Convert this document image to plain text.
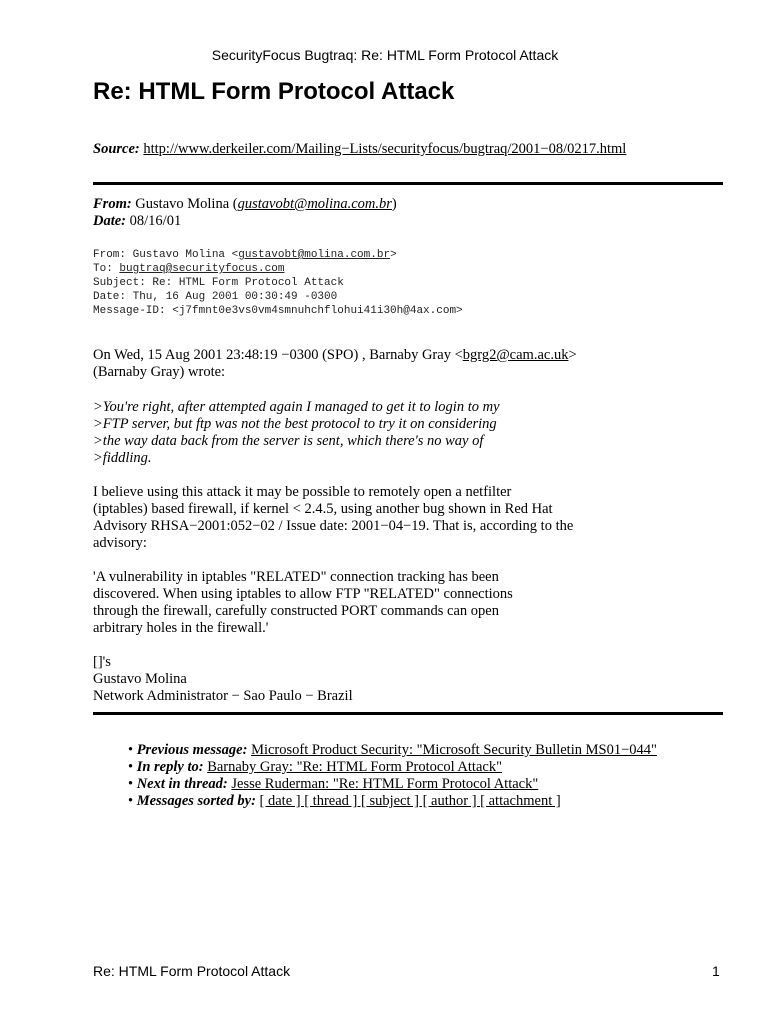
SecurityFocus Bugtraq: Re: HTML Form Protocol Attack
Re: HTML Form Protocol Attack
Source: http://www.derkeiler.com/Mailing−Lists/securityfocus/bugtraq/2001−08/0217.html
From: Gustavo Molina (gustavobt@molina.com.br)
Date: 08/16/01
From: Gustavo Molina <gustavobt@molina.com.br>
To: bugtraq@securityfocus.com
Subject: Re: HTML Form Protocol Attack
Date: Thu, 16 Aug 2001 00:30:49 -0300
Message-ID: <j7fmnt0e3vs0vm4smnuhchflohui41i30h@4ax.com>
On Wed, 15 Aug 2001 23:48:19 −0300 (SPO) , Barnaby Gray <bgrg2@cam.ac.uk>
(Barnaby Gray) wrote:
>You're right, after attempted again I managed to get it to login to my
>FTP server, but ftp was not the best protocol to try it on considering
>the way data back from the server is sent, which there's no way of
>fiddling.
I believe using this attack it may be possible to remotely open a netfilter
(iptables) based firewall, if kernel < 2.4.5, using another bug shown in Red Hat
Advisory RHSA−2001:052−02 / Issue date: 2001−04−19. That is, according to the
advisory:
'A vulnerability in iptables "RELATED" connection tracking has been
discovered. When using iptables to allow FTP "RELATED" connections
through the firewall, carefully constructed PORT commands can open
arbitrary holes in the firewall.'
[]'s
Gustavo Molina
Network Administrator − Sao Paulo − Brazil
• Previous message: Microsoft Product Security: "Microsoft Security Bulletin MS01−044"
• In reply to: Barnaby Gray: "Re: HTML Form Protocol Attack"
• Next in thread: Jesse Ruderman: "Re: HTML Form Protocol Attack"
• Messages sorted by: [ date ] [ thread ] [ subject ] [ author ] [ attachment ]
Re: HTML Form Protocol Attack	1
